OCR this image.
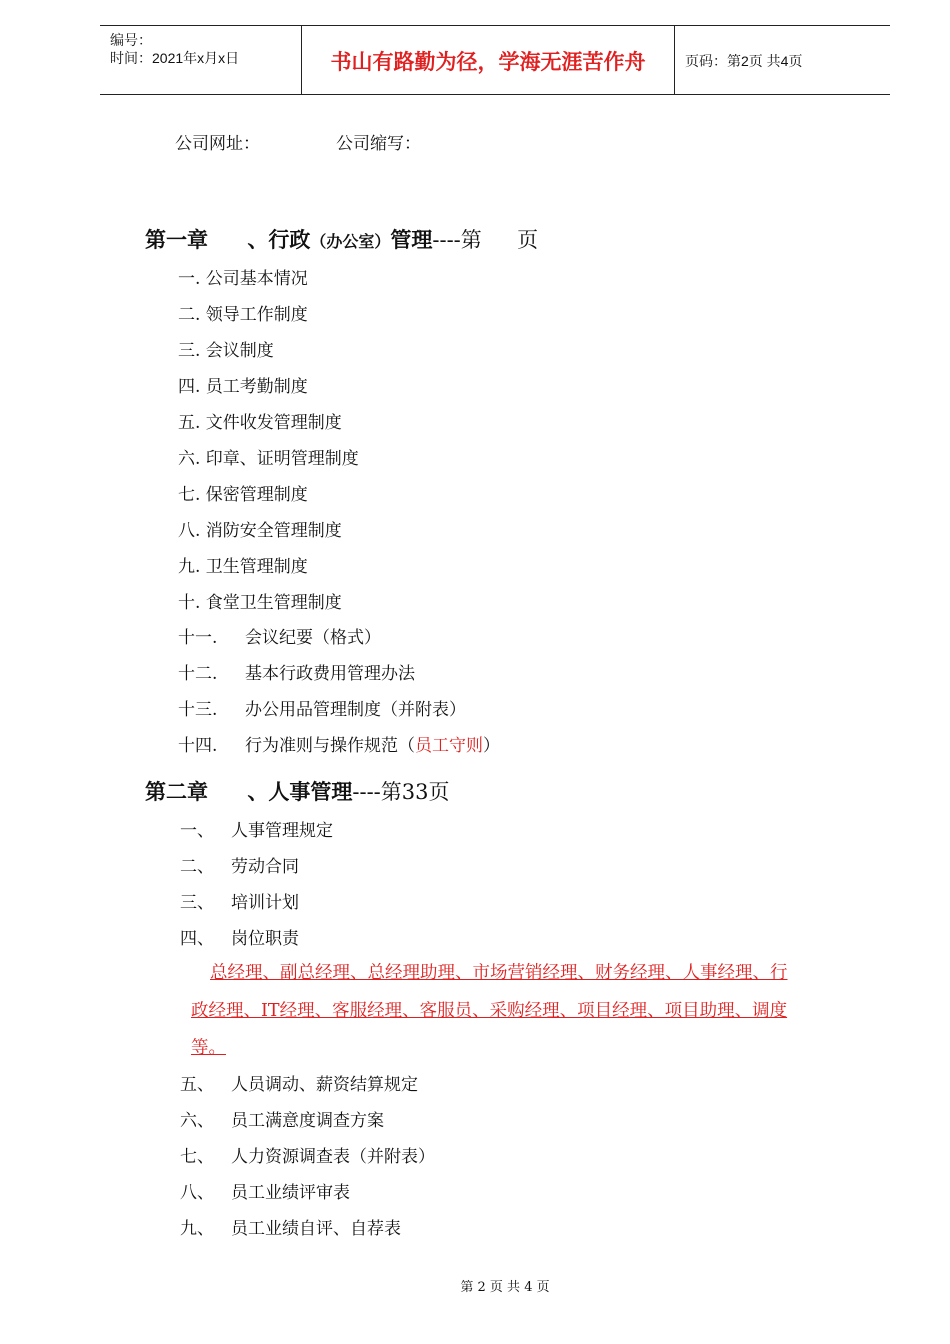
编号：
时间：2021年x月x日	书山有路勤为径，学海无涯苦作舟	页码：第2页 共4页
公司网址：	公司缩写：
第一章 、行政（办公室）管理----第 页
一. 公司基本情况
二. 领导工作制度
三. 会议制度
四. 员工考勤制度
五. 文件收发管理制度
六. 印章、证明管理制度
七. 保密管理制度
八. 消防安全管理制度
九. 卫生管理制度
十. 食堂卫生管理制度
十一. 会议纪要（格式）
十二. 基本行政费用管理办法
十三. 办公用品管理制度（并附表）
十四. 行为准则与操作规范（员工守则）
第二章 、人事管理----第33页
一、 人事管理规定
二、 劳动合同
三、 培训计划
四、 岗位职责
总经理、副总经理、总经理助理、市场营销经理、财务经理、人事经理、行
政经理、IT经理、客服经理、客服员、采购经理、项目经理、项目助理、调度
等。
五、 人员调动、薪资结算规定
六、 员工满意度调查方案
七、 人力资源调查表（并附表）
八、 员工业绩评审表
九、 员工业绩自评、自荐表
第 2 页 共 4 页
